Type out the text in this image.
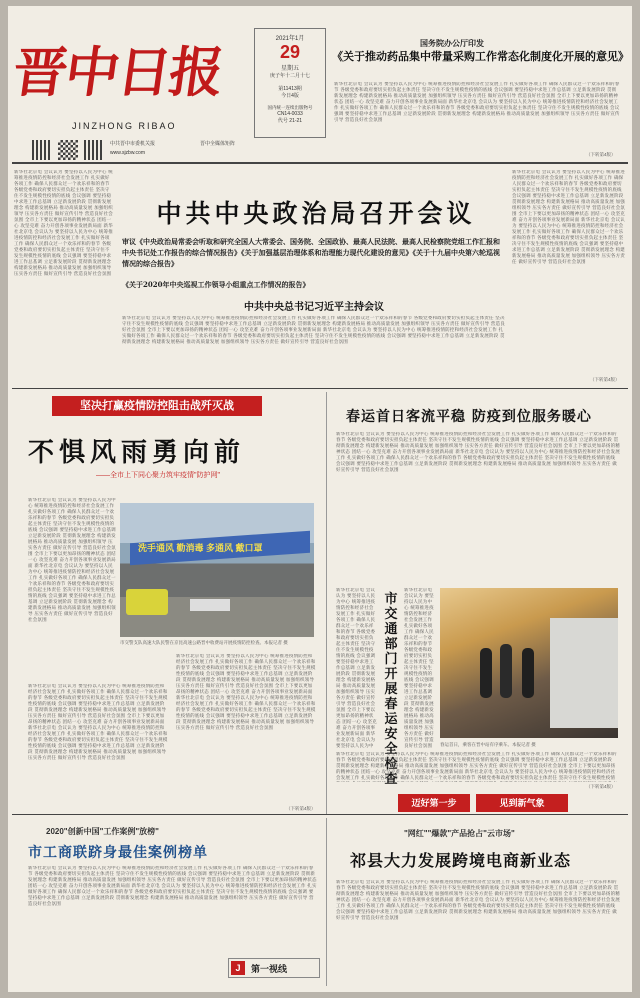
晋中日报
JINZHONG RIBAO
中共晋中市委机关报
www.sjzbw.com
晋中全媒体矩阵
2021年1月
29
星期五
庚子年十二月十七
第11413期
今日4版
国内统一连续出版物号
CN14-0033
代号 21-21
国务院办公厅印发
《关于推动药品集中带量采购工作常态化制度化开展的意见》
新华社北京电 会议认为 要坚持以人民为中心 统筹推进疫情防控和经济社会发展工作 扎实做好各项工作 确保人民群众过一个欢乐祥和的春节 各级党委和政府要切实担负起主体责任 坚决守住不发生规模性疫情的底线 会议强调 要坚持稳中求进工作总基调 立足新发展阶段 贯彻新发展理念 构建新发展格局 推动高质量发展 加强组织领导 压实各方责任 做好宣传引导 营造良好社会氛围 全市上下要以更加昂扬的精神状态 团结一心 攻坚克难 奋力开创各项事业发展新局面 新华社北京电 会议认为 要坚持以人民为中心 统筹推进疫情防控和经济社会发展工作 扎实做好各项工作 确保人民群众过一个欢乐祥和的春节 各级党委和政府要切实担负起主体责任 坚决守住不发生规模性疫情的底线 会议强调 要坚持稳中求进工作总基调 立足新发展阶段 贯彻新发展理念 构建新发展格局 推动高质量发展 加强组织领导 压实各方责任 做好宣传引导 营造良好社会氛围
（下转第4版）
新华社北京电 会议认为 要坚持以人民为中心 统筹推进疫情防控和经济社会发展工作 扎实做好各项工作 确保人民群众过一个欢乐祥和的春节 各级党委和政府要切实担负起主体责任 坚决守住不发生规模性疫情的底线 会议强调 要坚持稳中求进工作总基调 立足新发展阶段 贯彻新发展理念 构建新发展格局 推动高质量发展 加强组织领导 压实各方责任 做好宣传引导 营造良好社会氛围 全市上下要以更加昂扬的精神状态 团结一心 攻坚克难 奋力开创各项事业发展新局面 新华社北京电 会议认为 要坚持以人民为中心 统筹推进疫情防控和经济社会发展工作 扎实做好各项工作 确保人民群众过一个欢乐祥和的春节 各级党委和政府要切实担负起主体责任 坚决守住不发生规模性疫情的底线 会议强调 要坚持稳中求进工作总基调 立足新发展阶段 贯彻新发展理念 构建新发展格局 推动高质量发展 加强组织领导 压实各方责任 做好宣传引导 营造良好社会氛围
中共中央政治局召开会议
审议《中央政治局常委会听取和研究全国人大常委会、国务院、全国政协、最高人民法院、最高人民检察院党组工作汇报和中央书记处工作报告的综合情况报告》《关于加强基层治理体系和治理能力现代化建设的意见》《关于十九届中央第六轮巡视情况的综合报告》
《关于2020年中央巡视工作领导小组重点工作情况的报告》
中共中央总书记习近平主持会议
新华社北京电 会议认为 要坚持以人民为中心 统筹推进疫情防控和经济社会发展工作 扎实做好各项工作 确保人民群众过一个欢乐祥和的春节 各级党委和政府要切实担负起主体责任 坚决守住不发生规模性疫情的底线 会议强调 要坚持稳中求进工作总基调 立足新发展阶段 贯彻新发展理念 构建新发展格局 推动高质量发展 加强组织领导 压实各方责任 做好宣传引导 营造良好社会氛围 全市上下要以更加昂扬的精神状态 团结一心 攻坚克难 奋力开创各项事业发展新局面 新华社北京电 会议认为 要坚持以人民为中心 统筹推进疫情防控和经济社会发展工作 扎实做好各项工作 确保人民群众过一个欢乐祥和的春节 各级党委和政府要切实担负起主体责任 坚决守住不发生规模性疫情的底线 会议强调 要坚持稳中求进工作总基调 立足新发展阶段 贯彻新发展理念 构建新发展格局 推动高质量发展 加强组织领导 压实各方责任 做好宣传引导 营造良好社会氛围
新华社北京电 会议认为 要坚持以人民为中心 统筹推进疫情防控和经济社会发展工作 扎实做好各项工作 确保人民群众过一个欢乐祥和的春节 各级党委和政府要切实担负起主体责任 坚决守住不发生规模性疫情的底线 会议强调 要坚持稳中求进工作总基调 立足新发展阶段 贯彻新发展理念 构建新发展格局 推动高质量发展 加强组织领导 压实各方责任 做好宣传引导 营造良好社会氛围 全市上下要以更加昂扬的精神状态 团结一心 攻坚克难 奋力开创各项事业发展新局面 新华社北京电 会议认为 要坚持以人民为中心 统筹推进疫情防控和经济社会发展工作 扎实做好各项工作 确保人民群众过一个欢乐祥和的春节 各级党委和政府要切实担负起主体责任 坚决守住不发生规模性疫情的底线 会议强调 要坚持稳中求进工作总基调 立足新发展阶段 贯彻新发展理念 构建新发展格局 推动高质量发展 加强组织领导 压实各方责任 做好宣传引导 营造良好社会氛围
（下转第4版）
坚决打赢疫情防控阻击战歼灭战
不惧风雨勇向前
——全市上下同心聚力筑牢疫情"防护网"
新华社北京电 会议认为 要坚持以人民为中心 统筹推进疫情防控和经济社会发展工作 扎实做好各项工作 确保人民群众过一个欢乐祥和的春节 各级党委和政府要切实担负起主体责任 坚决守住不发生规模性疫情的底线 会议强调 要坚持稳中求进工作总基调 立足新发展阶段 贯彻新发展理念 构建新发展格局 推动高质量发展 加强组织领导 压实各方责任 做好宣传引导 营造良好社会氛围 全市上下要以更加昂扬的精神状态 团结一心 攻坚克难 奋力开创各项事业发展新局面 新华社北京电 会议认为 要坚持以人民为中心 统筹推进疫情防控和经济社会发展工作 扎实做好各项工作 确保人民群众过一个欢乐祥和的春节 各级党委和政府要切实担负起主体责任 坚决守住不发生规模性疫情的底线 会议强调 要坚持稳中求进工作总基调 立足新发展阶段 贯彻新发展理念 构建新发展格局 推动高质量发展 加强组织领导 压实各方责任 做好宣传引导 营造良好社会氛围
洗手通风 勤消毒 多通风 戴口罩
市交警支队高速大队民警在京昆高速公路晋中收费站开展疫情防控检查。本报记者 摄
新华社北京电 会议认为 要坚持以人民为中心 统筹推进疫情防控和经济社会发展工作 扎实做好各项工作 确保人民群众过一个欢乐祥和的春节 各级党委和政府要切实担负起主体责任 坚决守住不发生规模性疫情的底线 会议强调 要坚持稳中求进工作总基调 立足新发展阶段 贯彻新发展理念 构建新发展格局 推动高质量发展 加强组织领导 压实各方责任 做好宣传引导 营造良好社会氛围 全市上下要以更加昂扬的精神状态 团结一心 攻坚克难 奋力开创各项事业发展新局面 新华社北京电 会议认为 要坚持以人民为中心 统筹推进疫情防控和经济社会发展工作 扎实做好各项工作 确保人民群众过一个欢乐祥和的春节 各级党委和政府要切实担负起主体责任 坚决守住不发生规模性疫情的底线 会议强调 要坚持稳中求进工作总基调 立足新发展阶段 贯彻新发展理念 构建新发展格局 推动高质量发展 加强组织领导 压实各方责任 做好宣传引导 营造良好社会氛围
新华社北京电 会议认为 要坚持以人民为中心 统筹推进疫情防控和经济社会发展工作 扎实做好各项工作 确保人民群众过一个欢乐祥和的春节 各级党委和政府要切实担负起主体责任 坚决守住不发生规模性疫情的底线 会议强调 要坚持稳中求进工作总基调 立足新发展阶段 贯彻新发展理念 构建新发展格局 推动高质量发展 加强组织领导 压实各方责任 做好宣传引导 营造良好社会氛围 全市上下要以更加昂扬的精神状态 团结一心 攻坚克难 奋力开创各项事业发展新局面 新华社北京电 会议认为 要坚持以人民为中心 统筹推进疫情防控和经济社会发展工作 扎实做好各项工作 确保人民群众过一个欢乐祥和的春节 各级党委和政府要切实担负起主体责任 坚决守住不发生规模性疫情的底线 会议强调 要坚持稳中求进工作总基调 立足新发展阶段 贯彻新发展理念 构建新发展格局 推动高质量发展 加强组织领导 压实各方责任 做好宣传引导 营造良好社会氛围
（下转第4版）
春运首日客流平稳 防疫到位服务暖心
新华社北京电 会议认为 要坚持以人民为中心 统筹推进疫情防控和经济社会发展工作 扎实做好各项工作 确保人民群众过一个欢乐祥和的春节 各级党委和政府要切实担负起主体责任 坚决守住不发生规模性疫情的底线 会议强调 要坚持稳中求进工作总基调 立足新发展阶段 贯彻新发展理念 构建新发展格局 推动高质量发展 加强组织领导 压实各方责任 做好宣传引导 营造良好社会氛围 全市上下要以更加昂扬的精神状态 团结一心 攻坚克难 奋力开创各项事业发展新局面 新华社北京电 会议认为 要坚持以人民为中心 统筹推进疫情防控和经济社会发展工作 扎实做好各项工作 确保人民群众过一个欢乐祥和的春节 各级党委和政府要切实担负起主体责任 坚决守住不发生规模性疫情的底线 会议强调 要坚持稳中求进工作总基调 立足新发展阶段 贯彻新发展理念 构建新发展格局 推动高质量发展 加强组织领导 压实各方责任 做好宣传引导 营造良好社会氛围
新华社北京电 会议认为 要坚持以人民为中心 统筹推进疫情防控和经济社会发展工作 扎实做好各项工作 确保人民群众过一个欢乐祥和的春节 各级党委和政府要切实担负起主体责任 坚决守住不发生规模性疫情的底线 会议强调 要坚持稳中求进工作总基调 立足新发展阶段 贯彻新发展理念 构建新发展格局 推动高质量发展 加强组织领导 压实各方责任 做好宣传引导 营造良好社会氛围 全市上下要以更加昂扬的精神状态 团结一心 攻坚克难 奋力开创各项事业发展新局面 新华社北京电 会议认为 要坚持以人民为中心 统筹推进疫情防控和经济社会发展工作 扎实做好各项工作 确保人民群众过一个欢乐祥和的春节 各级党委和政府要切实担负起主体责任 坚决守住不发生规模性疫情的底线 会议强调 要坚持稳中求进工作总基调 立足新发展阶段 贯彻新发展理念 构建新发展格局 推动高质量发展 加强组织领导 压实各方责任 做好宣传引导 营造良好社会氛围
市交通部门开展春运安全检查
新华社北京电 会议认为 要坚持以人民为中心 统筹推进疫情防控和经济社会发展工作 扎实做好各项工作 确保人民群众过一个欢乐祥和的春节 各级党委和政府要切实担负起主体责任 坚决守住不发生规模性疫情的底线 会议强调 要坚持稳中求进工作总基调 立足新发展阶段 贯彻新发展理念 构建新发展格局 推动高质量发展 加强组织领导 压实各方责任 做好宣传引导 营造良好社会氛围 全市上下要以更加昂扬的精神状态 团结一心 攻坚克难 奋力开创各项事业发展新局面 新华社北京电 会议认为 要坚持以人民为中心 统筹推进疫情防控和经济社会发展工作 扎实做好各项工作 确保人民群众过一个欢乐祥和的春节 各级党委和政府要切实担负起主体责任 坚决守住不发生规模性疫情的底线 会议强调 要坚持稳中求进工作总基调 立足新发展阶段 贯彻新发展理念 构建新发展格局 推动高质量发展 加强组织领导 压实各方责任 做好宣传引导 营造良好社会氛围
春运首日，乘客在晋中站有序乘车。本报记者 摄
新华社北京电 会议认为 要坚持以人民为中心 统筹推进疫情防控和经济社会发展工作 扎实做好各项工作 确保人民群众过一个欢乐祥和的春节 各级党委和政府要切实担负起主体责任 坚决守住不发生规模性疫情的底线 会议强调 要坚持稳中求进工作总基调 立足新发展阶段 贯彻新发展理念 构建新发展格局 推动高质量发展 加强组织领导 压实各方责任 做好宣传引导 营造良好社会氛围 全市上下要以更加昂扬的精神状态 团结一心 攻坚克难 奋力开创各项事业发展新局面 新华社北京电 会议认为 要坚持以人民为中心 统筹推进疫情防控和经济社会发展工作 扎实做好各项工作 确保人民群众过一个欢乐祥和的春节 各级党委和政府要切实担负起主体责任 坚决守住不发生规模性疫情的底线 会议强调 要坚持稳中求进工作总基调 立足新发展阶段 贯彻新发展理念 构建新发展格局 推动高质量发展 加强组织领导 压实各方责任 做好宣传引导 营造良好社会氛围
（下转第4版）
2020"创新中国"工作案例"放榜"
市工商联跻身最佳案例榜单
新华社北京电 会议认为 要坚持以人民为中心 统筹推进疫情防控和经济社会发展工作 扎实做好各项工作 确保人民群众过一个欢乐祥和的春节 各级党委和政府要切实担负起主体责任 坚决守住不发生规模性疫情的底线 会议强调 要坚持稳中求进工作总基调 立足新发展阶段 贯彻新发展理念 构建新发展格局 推动高质量发展 加强组织领导 压实各方责任 做好宣传引导 营造良好社会氛围 全市上下要以更加昂扬的精神状态 团结一心 攻坚克难 奋力开创各项事业发展新局面 新华社北京电 会议认为 要坚持以人民为中心 统筹推进疫情防控和经济社会发展工作 扎实做好各项工作 确保人民群众过一个欢乐祥和的春节 各级党委和政府要切实担负起主体责任 坚决守住不发生规模性疫情的底线 会议强调 要坚持稳中求进工作总基调 立足新发展阶段 贯彻新发展理念 构建新发展格局 推动高质量发展 加强组织领导 压实各方责任 做好宣传引导 营造良好社会氛围
J	第一视线
迈好第一步	见到新气象
"网红""爆款"产品抢占"云市场"
祁县大力发展跨境电商新业态
新华社北京电 会议认为 要坚持以人民为中心 统筹推进疫情防控和经济社会发展工作 扎实做好各项工作 确保人民群众过一个欢乐祥和的春节 各级党委和政府要切实担负起主体责任 坚决守住不发生规模性疫情的底线 会议强调 要坚持稳中求进工作总基调 立足新发展阶段 贯彻新发展理念 构建新发展格局 推动高质量发展 加强组织领导 压实各方责任 做好宣传引导 营造良好社会氛围 全市上下要以更加昂扬的精神状态 团结一心 攻坚克难 奋力开创各项事业发展新局面 新华社北京电 会议认为 要坚持以人民为中心 统筹推进疫情防控和经济社会发展工作 扎实做好各项工作 确保人民群众过一个欢乐祥和的春节 各级党委和政府要切实担负起主体责任 坚决守住不发生规模性疫情的底线 会议强调 要坚持稳中求进工作总基调 立足新发展阶段 贯彻新发展理念 构建新发展格局 推动高质量发展 加强组织领导 压实各方责任 做好宣传引导 营造良好社会氛围
